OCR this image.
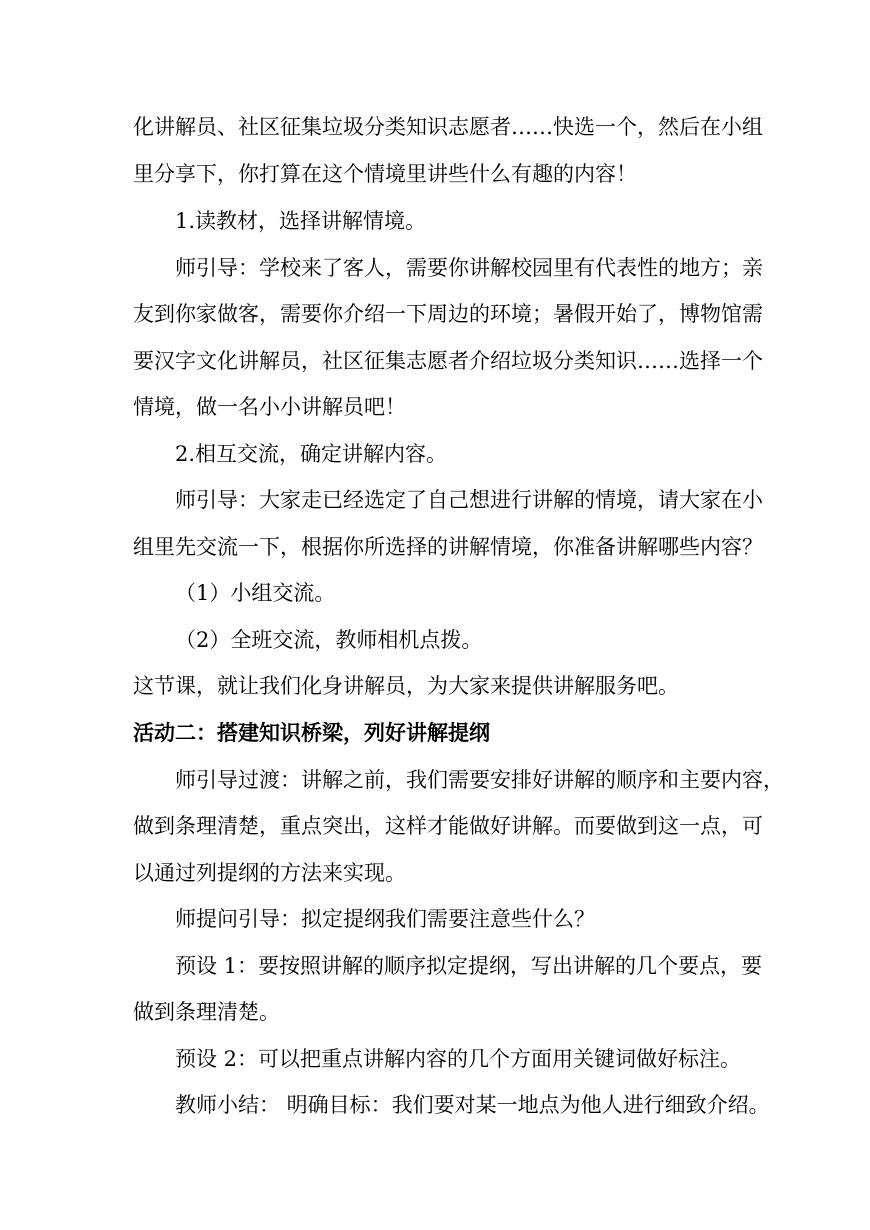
化讲解员、社区征集垃圾分类知识志愿者……快选一个，然后在小组
里分享下，你打算在这个情境里讲些什么有趣的内容！
1.读教材，选择讲解情境。
师引导：学校来了客人，需要你讲解校园里有代表性的地方；亲
友到你家做客，需要你介绍一下周边的环境；暑假开始了，博物馆需
要汉字文化讲解员，社区征集志愿者介绍垃圾分类知识……选择一个
情境，做一名小小讲解员吧！
2.相互交流，确定讲解内容。
师引导：大家走已经选定了自己想进行讲解的情境，请大家在小
组里先交流一下，根据你所选择的讲解情境，你准备讲解哪些内容？
（1）小组交流。
（2）全班交流，教师相机点拨。
这节课，就让我们化身讲解员，为大家来提供讲解服务吧。
活动二：搭建知识桥梁，列好讲解提纲
师引导过渡：讲解之前，我们需要安排好讲解的顺序和主要内容，
做到条理清楚，重点突出，这样才能做好讲解。而要做到这一点，可
以通过列提纲的方法来实现。
师提问引导：拟定提纲我们需要注意些什么？
预设 1：要按照讲解的顺序拟定提纲，写出讲解的几个要点，要
做到条理清楚。
预设 2：可以把重点讲解内容的几个方面用关键词做好标注。
教师小结： 明确目标：我们要对某一地点为他人进行细致介绍。
